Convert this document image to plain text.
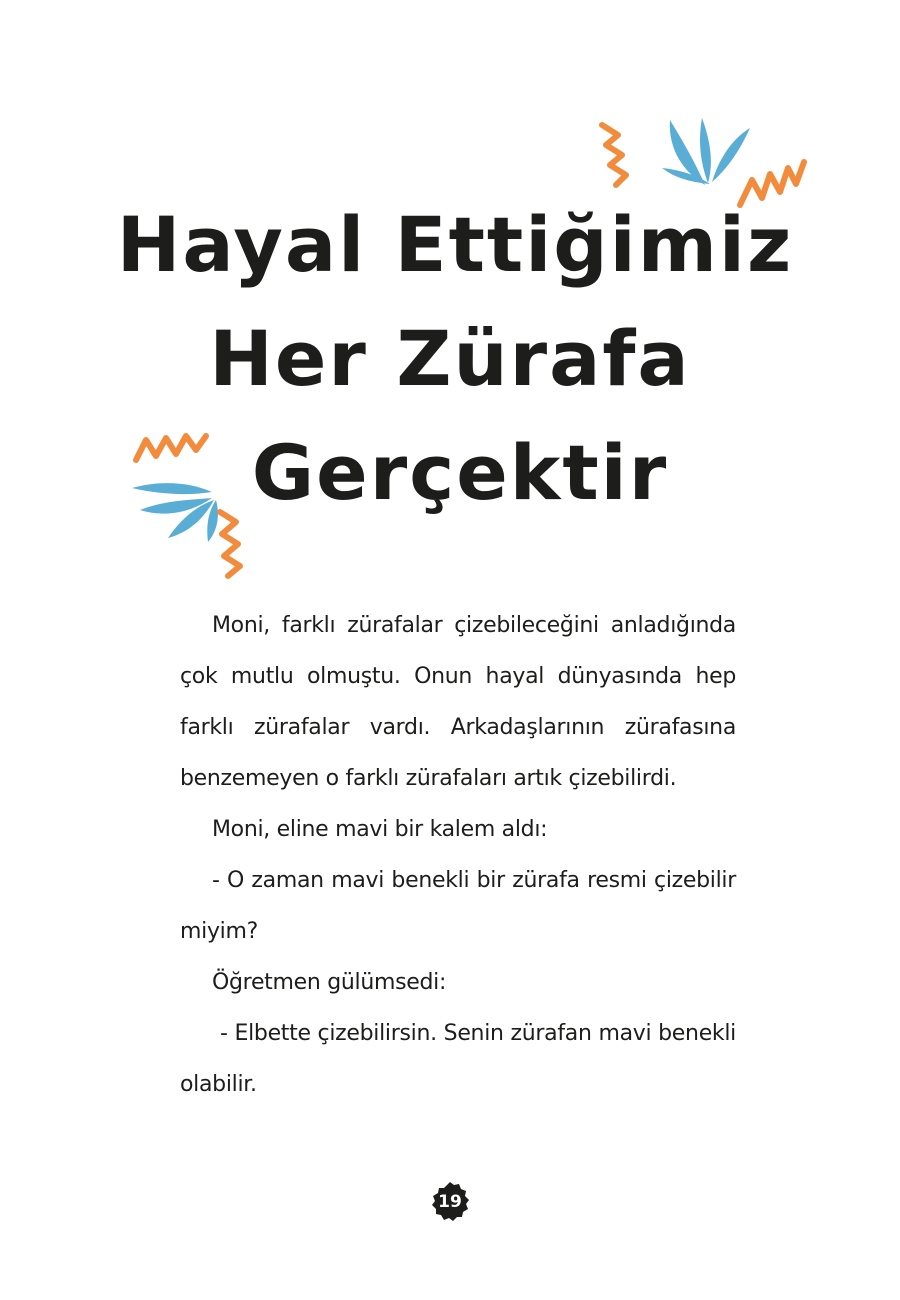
Hayal Ettiğimiz
Her Zürafa
Gerçektir

Moni, farklı zürafalar çizebileceğini anladığında çok mutlu olmuştu. Onun hayal dünyasında hep farklı zürafalar vardı. Arkadaşlarının zürafasına benzemeyen o farklı zürafaları artık çizebilirdi.

Moni, eline mavi bir kalem aldı:

- O zaman mavi benekli bir zürafa resmi çizebilir miyim?

Öğretmen gülümsedi:

- Elbette çizebilirsin. Senin zürafan mavi benekli olabilir.

19
